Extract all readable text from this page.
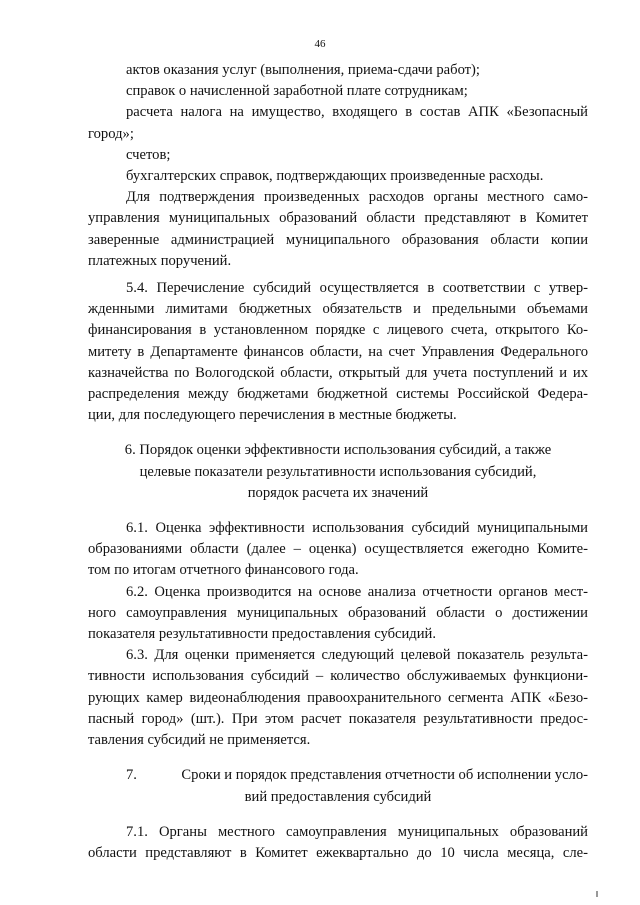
46
актов оказания услуг (выполнения, приема-сдачи работ);
справок о начисленной заработной плате сотрудникам;
расчета налога на имущество, входящего в состав АПК «Безопасный
город»;
счетов;
бухгалтерских справок, подтверждающих произведенные расходы.
Для подтверждения произведенных расходов органы местного само-
управления муниципальных образований области представляют в Комитет
заверенные администрацией муниципального образования области копии
платежных поручений.
5.4. Перечисление субсидий осуществляется в соответствии с утвер-
жденными лимитами бюджетных обязательств и предельными объемами
финансирования в установленном порядке с лицевого счета, открытого Ко-
митету в Департаменте финансов области, на счет Управления Федерального
казначейства по Вологодской области, открытый для учета поступлений и их
распределения между бюджетами бюджетной системы Российской Федера-
ции, для последующего перечисления в местные бюджеты.
6. Порядок оценки эффективности использования субсидий, а также
целевые показатели результативности использования субсидий,
порядок расчета их значений
6.1. Оценка эффективности использования субсидий муниципальными
образованиями области (далее – оценка) осуществляется ежегодно Комите-
том по итогам отчетного финансового года.
6.2. Оценка производится на основе анализа отчетности органов мест-
ного самоуправления муниципальных образований области о достижении
показателя результативности предоставления субсидий.
6.3. Для оценки применяется следующий целевой показатель результа-
тивности использования субсидий – количество обслуживаемых функциони-
рующих камер видеонаблюдения правоохранительного сегмента АПК «Безо-
пасный город» (шт.). При этом расчет показателя результативности предос-
тавления субсидий не применяется.
7.	Сроки и порядок представления отчетности об исполнении усло-
вий предоставления субсидий
7.1. Органы местного самоуправления муниципальных образований
области представляют в Комитет ежеквартально до 10 числа месяца, сле-
